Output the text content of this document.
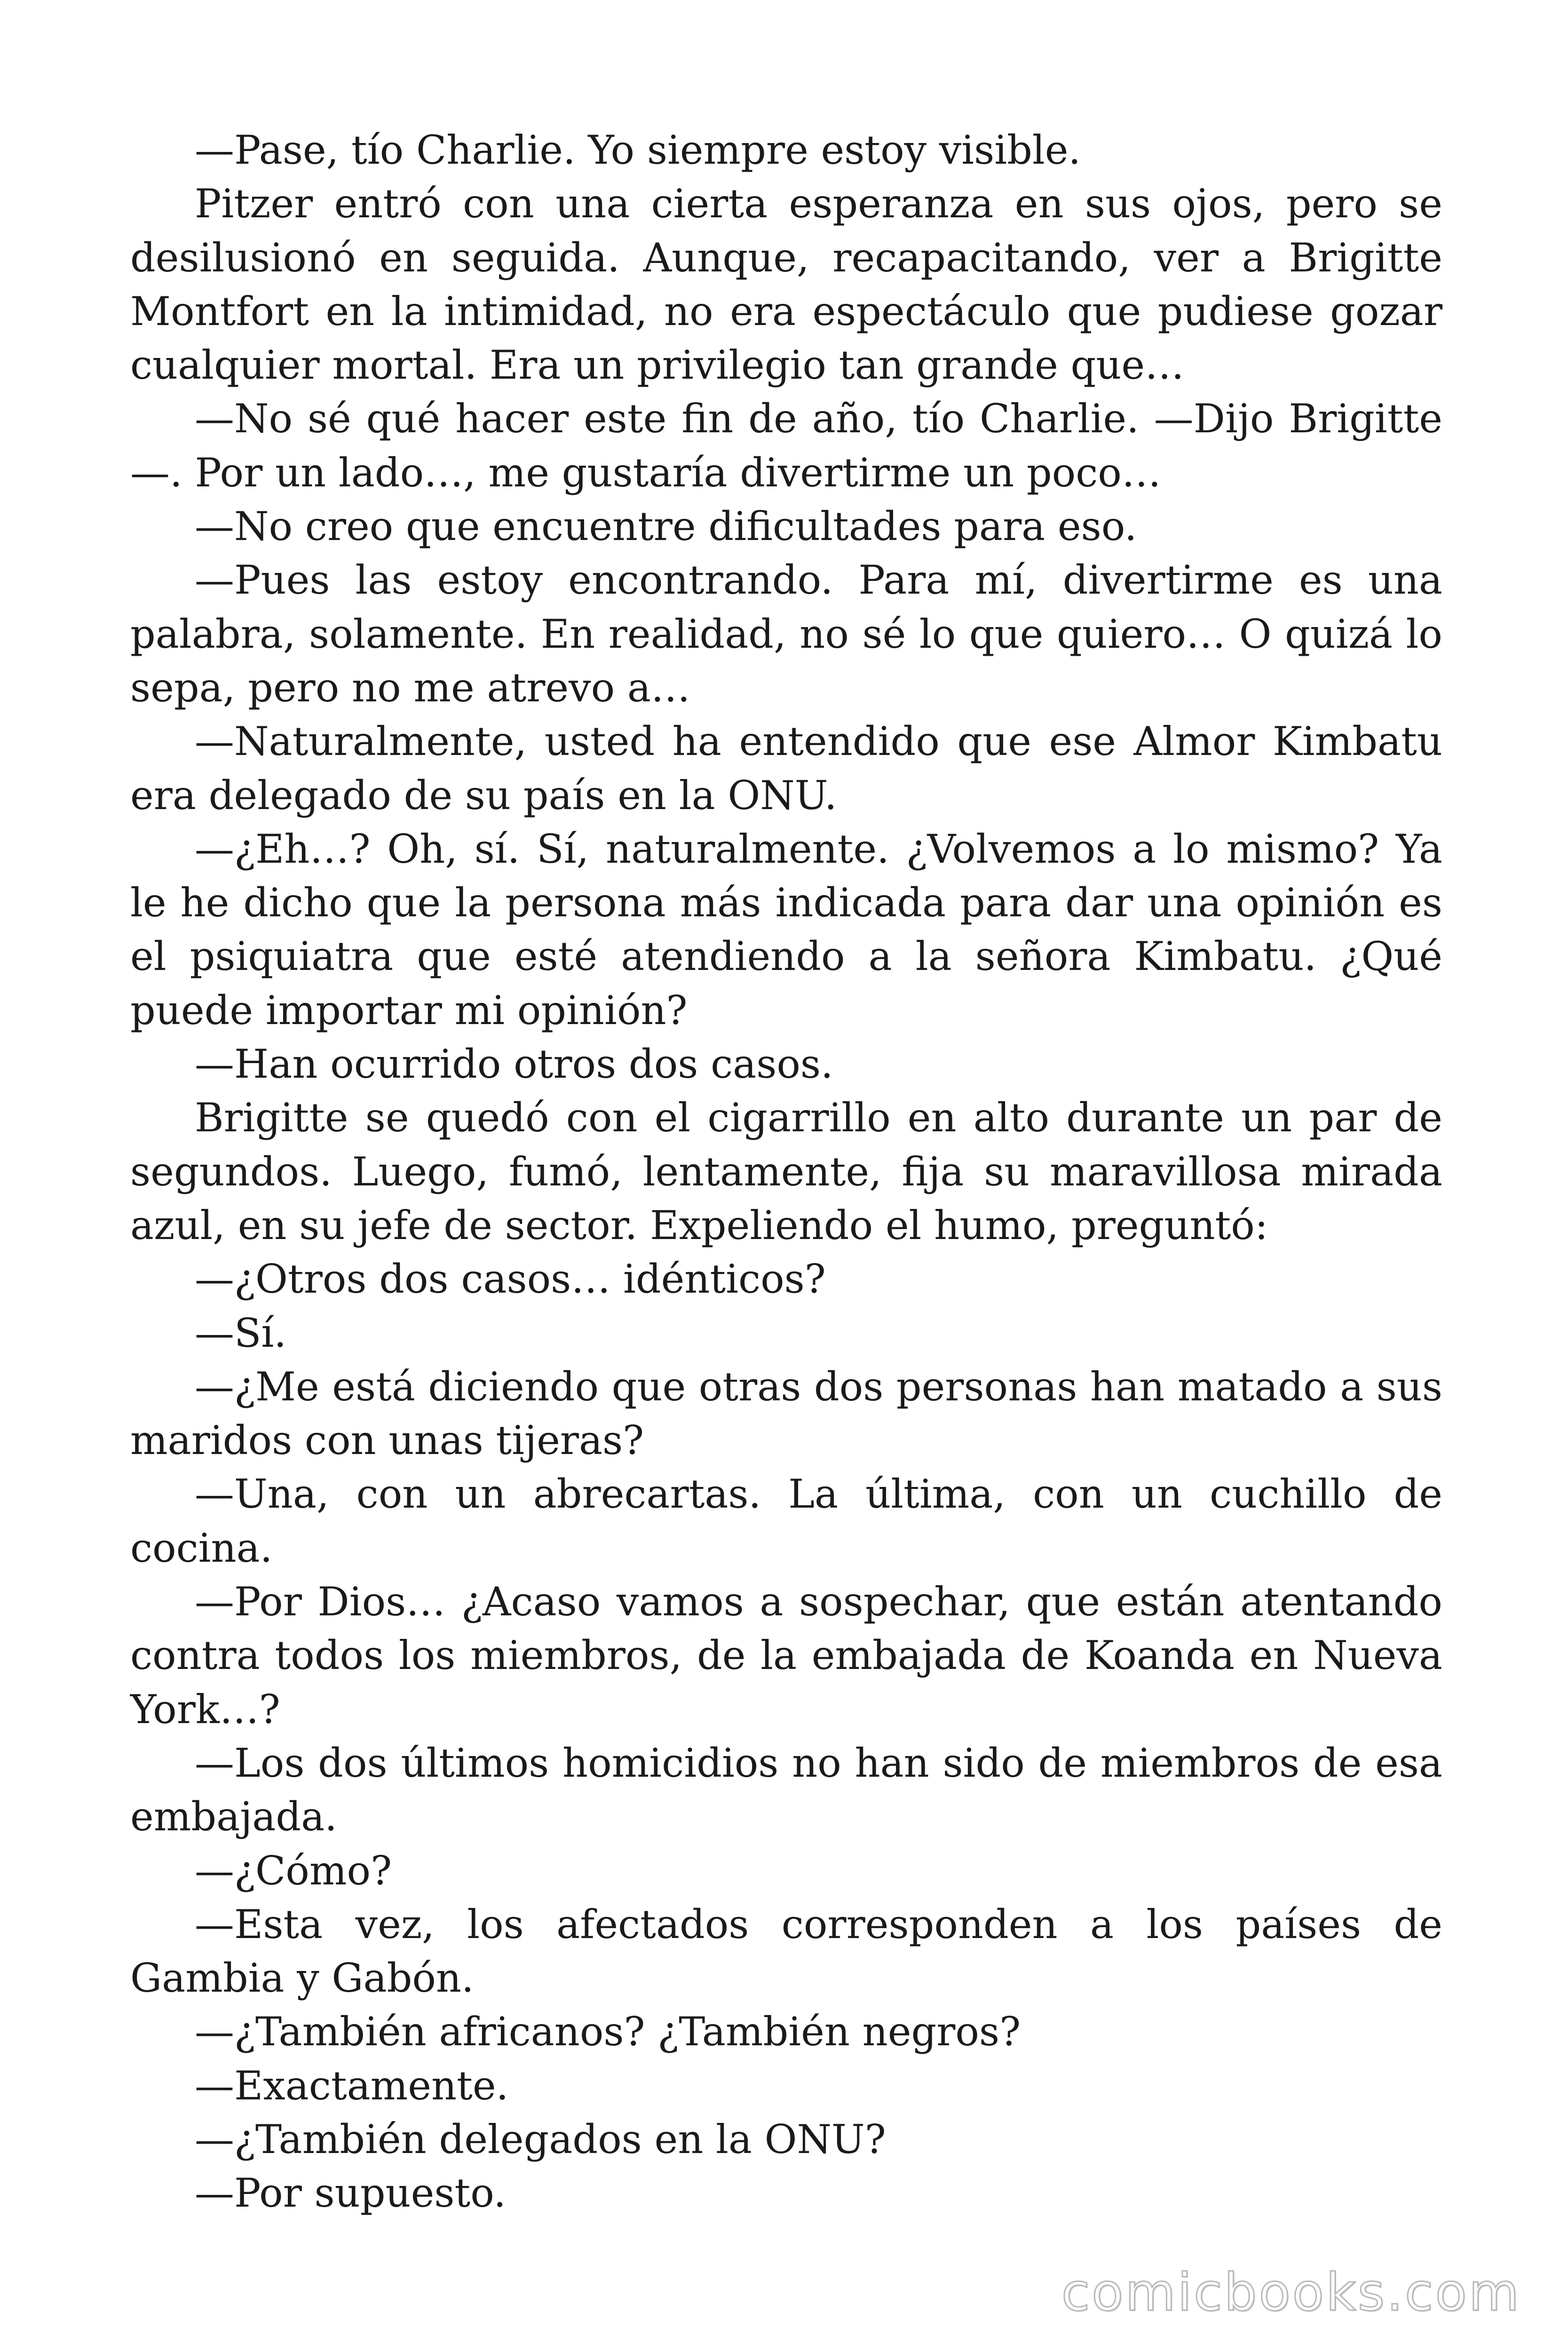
—Pase, tío Charlie. Yo siempre estoy visible.

Pitzer entró con una cierta esperanza en sus ojos, pero se desilusionó en seguida. Aunque, recapacitando, ver a Brigitte Montfort en la intimidad, no era espectáculo que pudiese gozar cualquier mortal. Era un privilegio tan grande que…

—No sé qué hacer este fin de año, tío Charlie. —Dijo Brigitte—. Por un lado…, me gustaría divertirme un poco…

—No creo que encuentre dificultades para eso.

—Pues las estoy encontrando. Para mí, divertirme es una palabra, solamente. En realidad, no sé lo que quiero… O quizá lo sepa, pero no me atrevo a…

—Naturalmente, usted ha entendido que ese Almor Kimbatu era delegado de su país en la ONU.

—¿Eh…? Oh, sí. Sí, naturalmente. ¿Volvemos a lo mismo? Ya le he dicho que la persona más indicada para dar una opinión es el psiquiatra que esté atendiendo a la señora Kimbatu. ¿Qué puede importar mi opinión?

—Han ocurrido otros dos casos.

Brigitte se quedó con el cigarrillo en alto durante un par de segundos. Luego, fumó, lentamente, fija su maravillosa mirada azul, en su jefe de sector. Expeliendo el humo, preguntó:

—¿Otros dos casos… idénticos?

—Sí.

—¿Me está diciendo que otras dos personas han matado a sus maridos con unas tijeras?

—Una, con un abrecartas. La última, con un cuchillo de cocina.

—Por Dios… ¿Acaso vamos a sospechar, que están atentando contra todos los miembros, de la embajada de Koanda en Nueva York…?

—Los dos últimos homicidios no han sido de miembros de esa embajada.

—¿Cómo?

—Esta vez, los afectados corresponden a los países de Gambia y Gabón.

—¿También africanos? ¿También negros?

—Exactamente.

—¿También delegados en la ONU?

—Por supuesto.

comicbooks.com
